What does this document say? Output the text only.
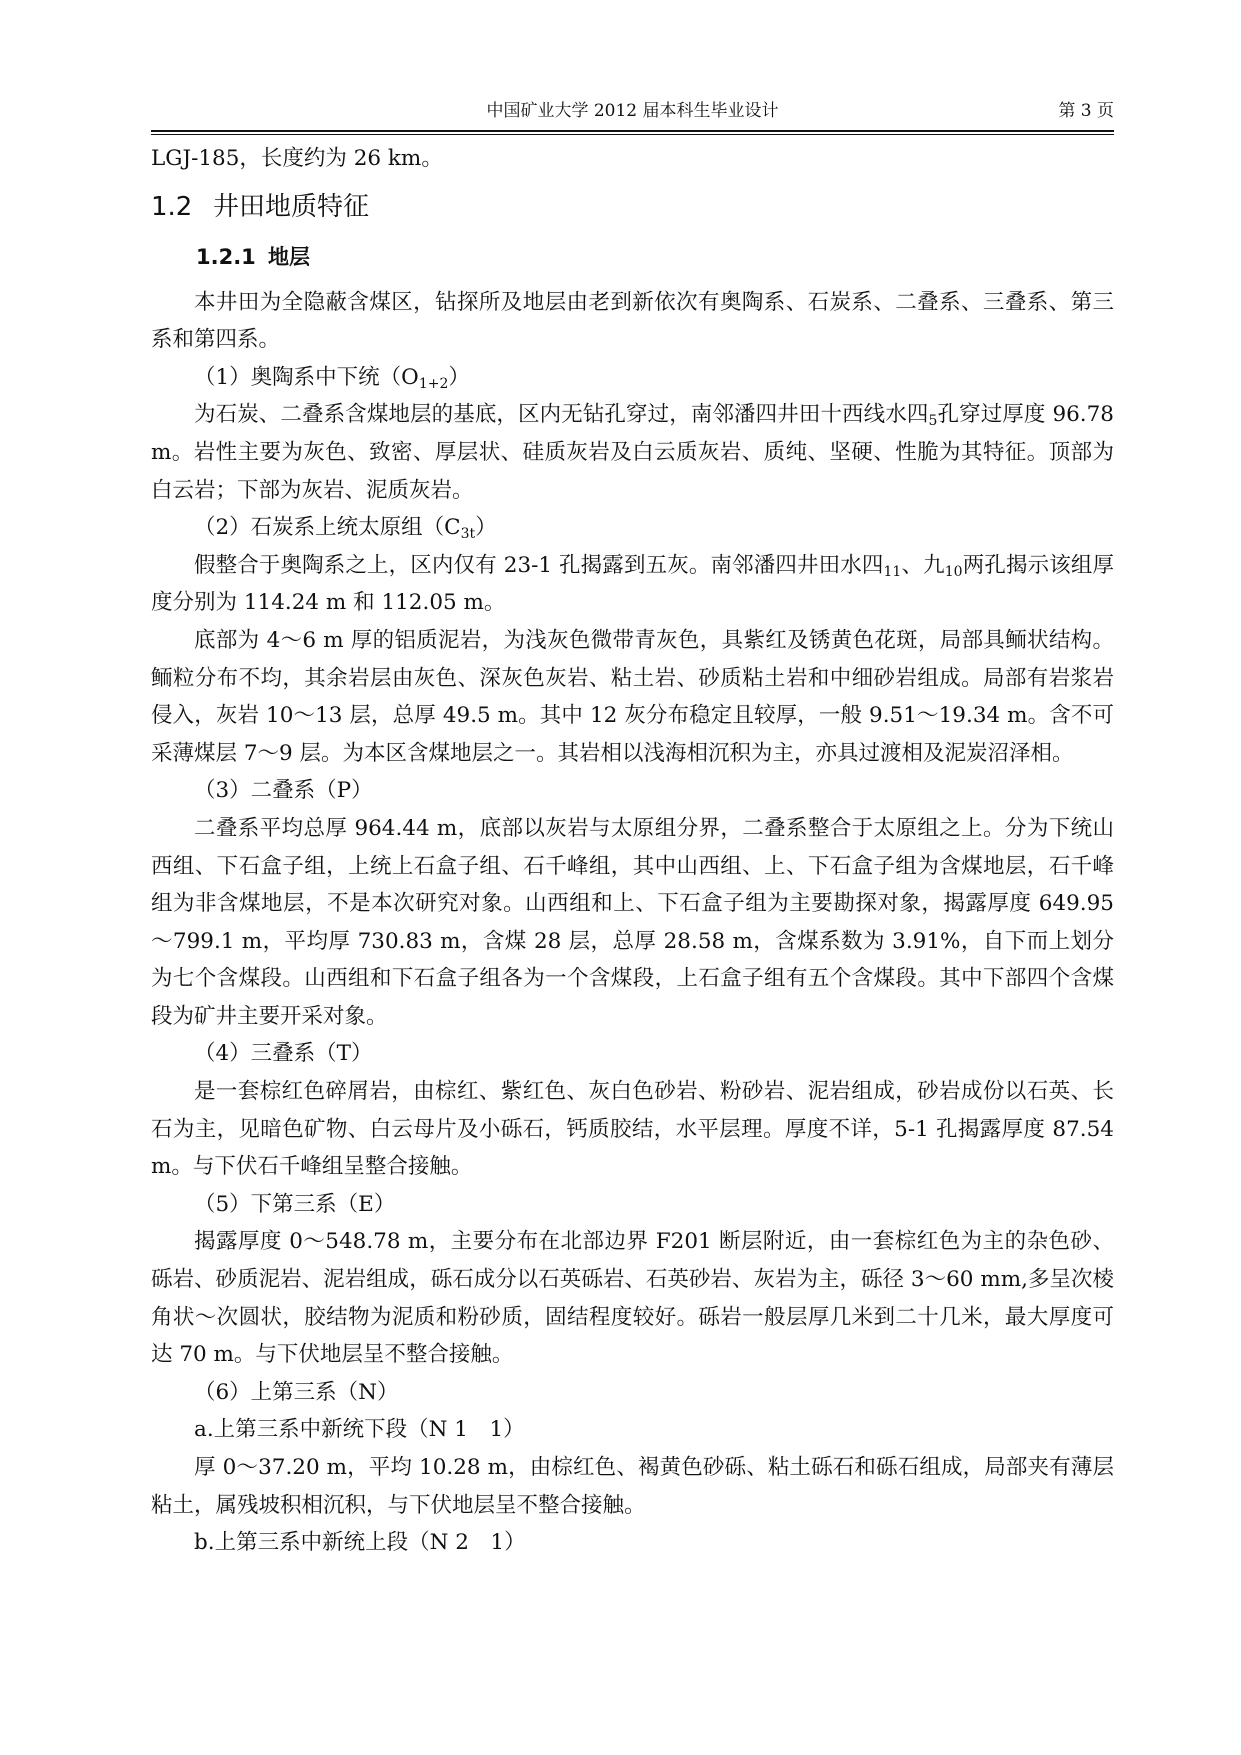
中国矿业大学 2012 届本科生毕业设计	第 3 页

LGJ-185，长度约为 26 km。

1.2 井田地质特征
1.2.1 地层

本井田为全隐蔽含煤区，钻探所及地层由老到新依次有奥陶系、石炭系、二叠系、三叠系、第三系和第四系。

（1）奥陶系中下统$(O_{1+2})$

为石炭、二叠系含煤地层的基底，区内无钻孔穿过，南邻潘四井田十西线水四$_5$孔穿过厚度 96.78 m。岩性主要为灰色、致密、厚层状、硅质灰岩及白云质灰岩、质纯、坚硬、性脆为其特征。顶部为白云岩；下部为灰岩、泥质灰岩。

（2）石炭系上统太原组$(C_{3t})$

假整合于奥陶系之上，区内仅有 23-1 孔揭露到五灰。南邻潘四井田水四$_{11}$、九$_{10}$两孔揭示该组厚度分别为 114.24 m 和 112.05 m。

底部为 4～6 m 厚的铝质泥岩，为浅灰色微带青灰色，具紫红及锈黄色花斑，局部具鲕状结构。鲕粒分布不均，其余岩层由灰色、深灰色灰岩、粘土岩、砂质粘土岩和中细砂岩组成。局部有岩浆岩侵入，灰岩 10～13 层，总厚 49.5 m。其中 12 灰分布稳定且较厚，一般 9.51～19.34 m。含不可采薄煤层 7～9 层。为本区含煤地层之一。其岩相以浅海相沉积为主，亦具过渡相及泥炭沼泽相。

（3）二叠系（P）

二叠系平均总厚 964.44 m，底部以灰岩与太原组分界，二叠系整合于太原组之上。分为下统山西组、下石盒子组，上统上石盒子组、石千峰组，其中山西组、上、下石盒子组为含煤地层，石千峰组为非含煤地层，不是本次研究对象。山西组和上、下石盒子组为主要勘探对象，揭露厚度 649.95～799.1 m，平均厚 730.83 m，含煤 28 层，总厚 28.58 m，含煤系数为 3.91%，自下而上划分为七个含煤段。山西组和下石盒子组各为一个含煤段，上石盒子组有五个含煤段。其中下部四个含煤段为矿井主要开采对象。

（4）三叠系（T）

是一套棕红色碎屑岩，由棕红、紫红色、灰白色砂岩、粉砂岩、泥岩组成，砂岩成份以石英、长石为主，见暗色矿物、白云母片及小砾石，钙质胶结，水平层理。厚度不详，5-1 孔揭露厚度 87.54 m。与下伏石千峰组呈整合接触。

（5）下第三系（E）

揭露厚度 0～548.78 m，主要分布在北部边界 F201 断层附近，由一套棕红色为主的杂色砂、砾岩、砂质泥岩、泥岩组成，砾石成分以石英砾岩、石英砂岩、灰岩为主，砾径 3～60 mm,多呈次棱角状～次圆状，胶结物为泥质和粉砂质，固结程度较好。砾岩一般层厚几米到二十几米，最大厚度可达 70 m。与下伏地层呈不整合接触。

（6）上第三系（N）

a.上第三系中新统下段（N 1　1）

厚 0～37.20 m，平均 10.28 m，由棕红色、褐黄色砂砾、粘土砾石和砾石组成，局部夹有薄层粘土，属残坡积相沉积，与下伏地层呈不整合接触。

b.上第三系中新统上段（N 2　1）
